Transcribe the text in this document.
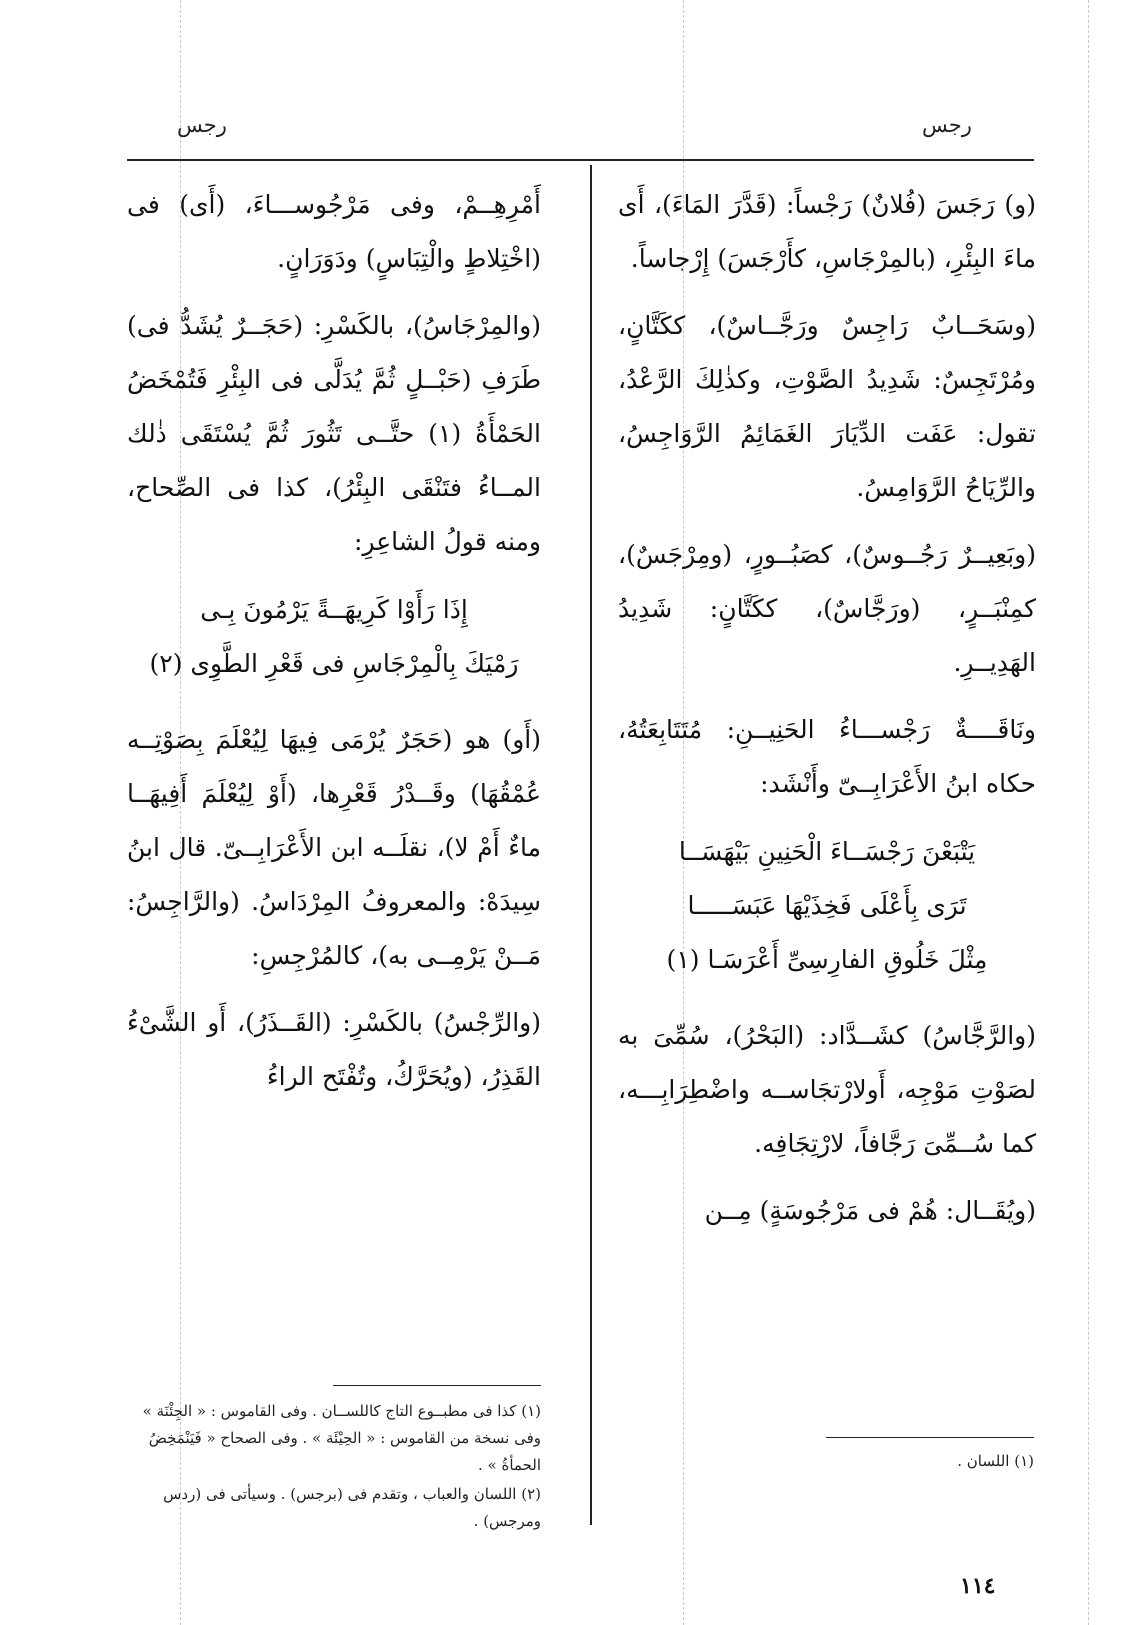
رجس	رجس

(و) رَجَسَ (فُلانٌ) رَجْساً: (قَدَّرَ المَاءَ)، أَى ماءَ البِئْرِ، (بالمِرْجَاسِ، كأَرْجَسَ) إِرْجاساً.

(وسَحَــابٌ رَاجِسٌ ورَجَّــاسٌ)، ككَتَّانٍ، ومُرْتَجِسٌ: شَدِيدُ الصَّوْتِ، وكذٰلِكَ الرَّعْدُ، تقول: عَفَت الدِّيَارَ الغَمَائِمُ الرَّوَاجِسُ، والرِّيَاحُ الرَّوَامِسُ.

(وبَعِيــرٌ رَجُــوسٌ)، كصَبُــورٍ، (ومِرْجَسٌ)، كمِنْبَــرٍ، (ورَجَّاسٌ)، ككَتَّانٍ: شَدِيدُ الهَدِيــرِ.

ونَاقَــــةٌ رَجْســـاءُ الحَنِيــنِ: مُتَتَابِعَتُهُ، حكاه ابنُ الأَعْرَابِــىّ وأَنْشَد:

يَتْبَعْنَ رَجْسَــاءَ الْحَنِينِ بَيْهَسَــا
تَرَى بِأَعْلَى فَخِذَيْهَا عَبَسَـــــا
مِثْلَ خَلُوقِ الفارِسِىِّ أَعْرَسَـا (١)

(والرَّجَّاسُ) كشَــدَّاد: (البَحْرُ)، سُمِّىَ به لصَوْتِ مَوْجِه، أَولارْتجَاســه واضْطِرَابِـــه، كما سُــمِّىَ رَجَّافاً، لارْتِجَافِه.

(ويُقَــال: هُمْ فى مَرْجُوسَةٍ) مِــن

أَمْرِهِــمْ، وفى مَرْجُوســـاءَ، (أَى) فى (اخْتِلاطٍ والْتِبَاسٍ) ودَوَرَانٍ.

(والمِرْجَاسُ)، بالكَسْرِ: (حَجَــرٌ يُشَدُّ فى) طَرَفِ (حَبْــلٍ ثُمَّ يُدَلَّى فى البِئْرِ فَتُمْخَضُ الحَمْأَةُ (١) حتَّــى تَثُورَ ثُمَّ يُسْتَقَى ذٰلك المــاءُ فتَنْقَى البِئْرُ)، كذا فى الصِّحاح، ومنه قولُ الشاعِرِ:

إِذَا رَأَوْا كَرِيهَــةً يَرْمُونَ بِـى
رَمْيَكَ بِالْمِرْجَاسِ فى قَعْرِ الطَّوِى (٢)

(أَو) هو (حَجَرٌ يُرْمَى فِيهَا لِيُعْلَمَ بِصَوْتِــه عُمْقُهَا) وقَــدْرُ قَعْرِها، (أَوْ لِيُعْلَمَ أَفِيهَــا ماءٌ أَمْ لا)، نقلَــه ابن الأَعْرَابِــىّ. قال ابنُ سِيدَهْ: والمعروفُ المِرْدَاسُ. (والرَّاجِسُ: مَــنْ يَرْمِــى به)، كالمُرْجِسِ:

(والرِّجْسُ) بالكَسْرِ: (القَــذَرُ)، أَو الشَّىْءُ القَذِرُ، (ويُحَرَّكُ، وتُفْتَح الراءُ

(١) كذا فى مطبــوع التاج كاللســان . وفى القاموس : « الجِئْنَة » وفى نسخة من القاموس : « الحِيْئَة » . وفى الصحاح « فَيَنْمَخِضُ الحمأةُ » .

(٢) اللسان والعباب ، وتقدم فى (برجس) . وسيأتى فى (ردس ومرجس) .

(١) اللسان .

١١٤
